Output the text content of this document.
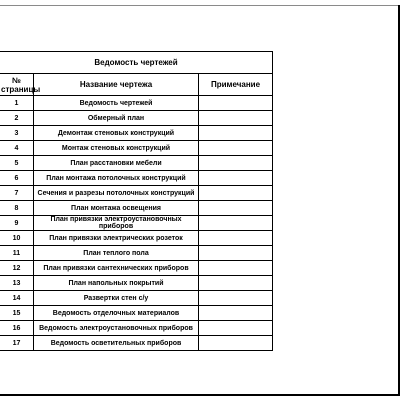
Ведомость чертежей		
№ страницы	Название чертежа	Примечание
1	Ведомость чертежей	
2	Обмерный план	
3	Демонтаж стеновых конструкций	
4	Монтаж стеновых конструкций	
5	План расстановки мебели	
6	План монтажа потолочных конструкций	
7	Сечения и разрезы потолочных конструкций	
8	План монтажа освещения	
9	План привязки электроустановочных приборов	
10	План привязки электрических розеток	
11	План теплого пола	
12	План привязки сантехнических приборов	
13	План напольных покрытий	
14	Развертки стен с/у	
15	Ведомость отделочных материалов	
16	Ведомость электроустановочных приборов	
17	Ведомость осветительных приборов	
